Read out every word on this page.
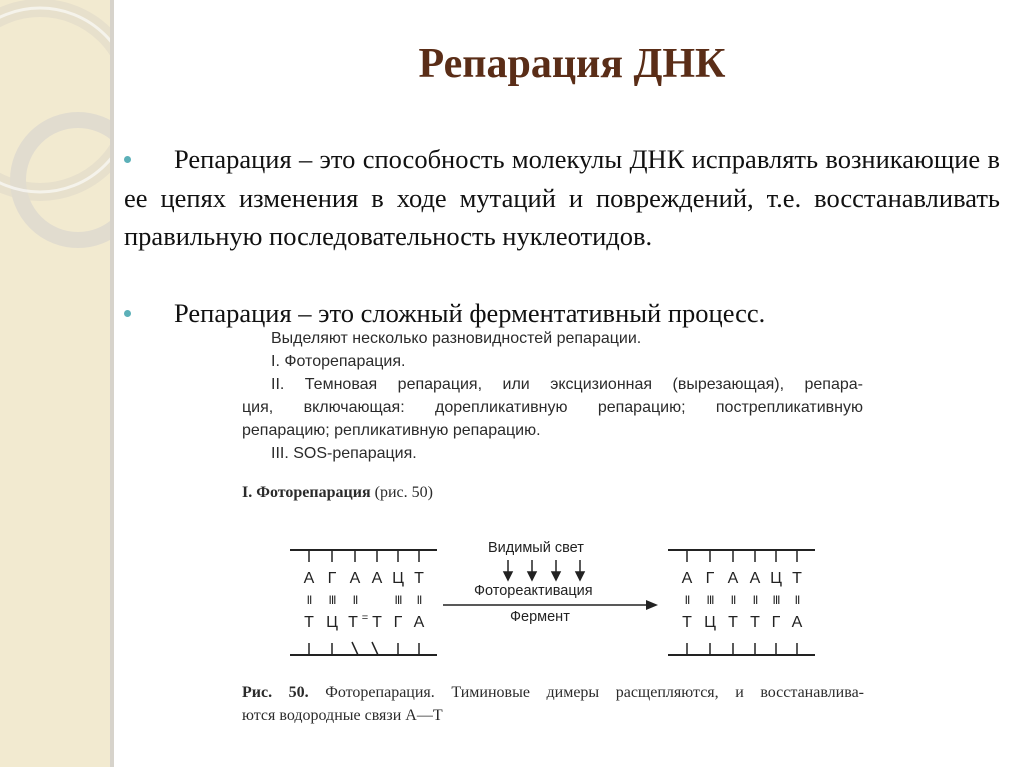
Репарация ДНК
Репарация – это способность молекулы ДНК исправлять возникающие в ее цепях изменения в ходе мутаций и повреждений, т.е. восстанавливать правильную последовательность нуклеотидов.
Репарация – это сложный ферментативный процесс.
Выделяют несколько разновидностей репарации.
I. Фоторепарация.
II. Темновая репарация, или эксцизионная (вырезающая), репара-
ция, включающая: дорепликативную репарацию; пострепликативную
репарацию; репликативную репарацию.
III. SOS-репарация.
I. Фоторепарация (рис. 50)
А Г А А Ц Т
II	III	II	III	II
Т Ц Т = Т Г А
А Г А А Ц Т
II	III	II	II	III	II
Т Ц Т Т Г А
Видимый свет
Фотореактивация
Фермент
Рис. 50. Фоторепарация. Тиминовые димеры расщепляются, и восстанавлива-
ются водородные связи А—Т
